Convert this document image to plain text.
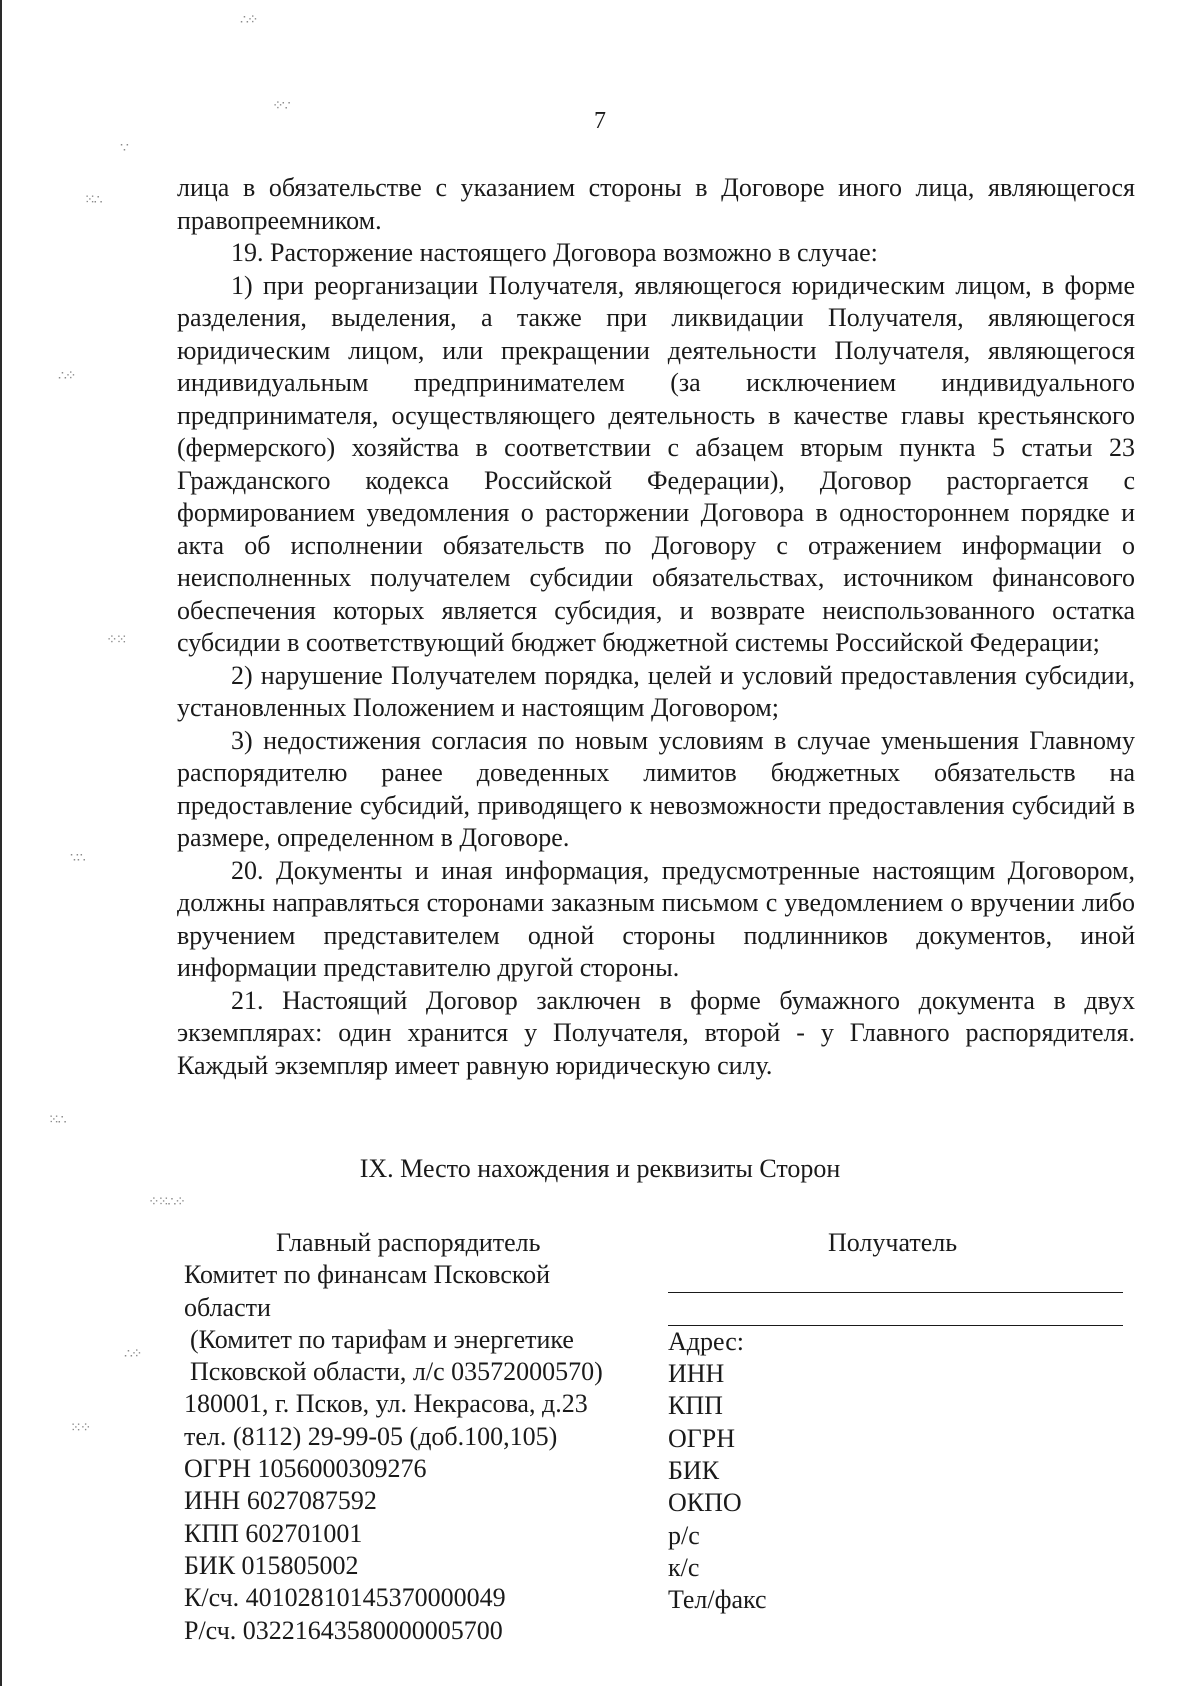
∴⁘
⁘∵
∵
⁙∴
∴⁘
⁘⁙
∵∴
⁙∴
⁘⁙∴⁘
∴⁘
⁙⁘
7

лица в обязательстве с указанием стороны в Договоре иного лица, являющегося правопреемником.

19. Расторжение настоящего Договора возможно в случае:

1) при реорганизации Получателя, являющегося юридическим лицом, в форме разделения, выделения, а также при ликвидации Получателя, являющегося юридическим лицом, или прекращении деятельности Получателя, являющегося индивидуальным предпринимателем (за исключением индивидуального предпринимателя, осуществляющего деятельность в качестве главы крестьянского (фермерского) хозяйства в соответствии с абзацем вторым пункта 5 статьи 23 Гражданского кодекса Российской Федерации), Договор расторгается с формированием уведомления о расторжении Договора в одностороннем порядке и акта об исполнении обязательств по Договору с отражением информации о неисполненных получателем субсидии обязательствах, источником финансового обеспечения которых является субсидия, и возврате неиспользованного остатка субсидии в соответствующий бюджет бюджетной системы Российской Федерации;

2) нарушение Получателем порядка, целей и условий предоставления субсидии, установленных Положением и настоящим Договором;

3) недостижения согласия по новым условиям в случае уменьшения Главному распорядителю ранее доведенных лимитов бюджетных обязательств на предоставление субсидий, приводящего к невозможности предоставления субсидий в размере, определенном в Договоре.

20. Документы и иная информация, предусмотренные настоящим Договором, должны направляться сторонами заказным письмом с уведомлением о вручении либо вручением представителем одной стороны подлинников документов, иной информации представителю другой стороны.

21. Настоящий Договор заключен в форме бумажного документа в двух экземплярах: один хранится у Получателя, второй - у Главного распорядителя. Каждый экземпляр имеет равную юридическую силу.

IX. Место нахождения и реквизиты Сторон
Главный распорядитель
Комитет по финансам Псковской
области
(Комитет по тарифам и энергетике
Псковской области, л/с 03572000570)
180001, г. Псков, ул. Некрасова, д.23
тел. (8112) 29-99-05 (доб.100,105)
ОГРН 1056000309276
ИНН 6027087592
КПП 602701001
БИК 015805002
К/сч. 40102810145370000049
Р/сч. 03221643580000005700
Получатель
Адрес:
ИНН
КПП
ОГРН
БИК
ОКПО
р/с
к/с
Тел/факс
